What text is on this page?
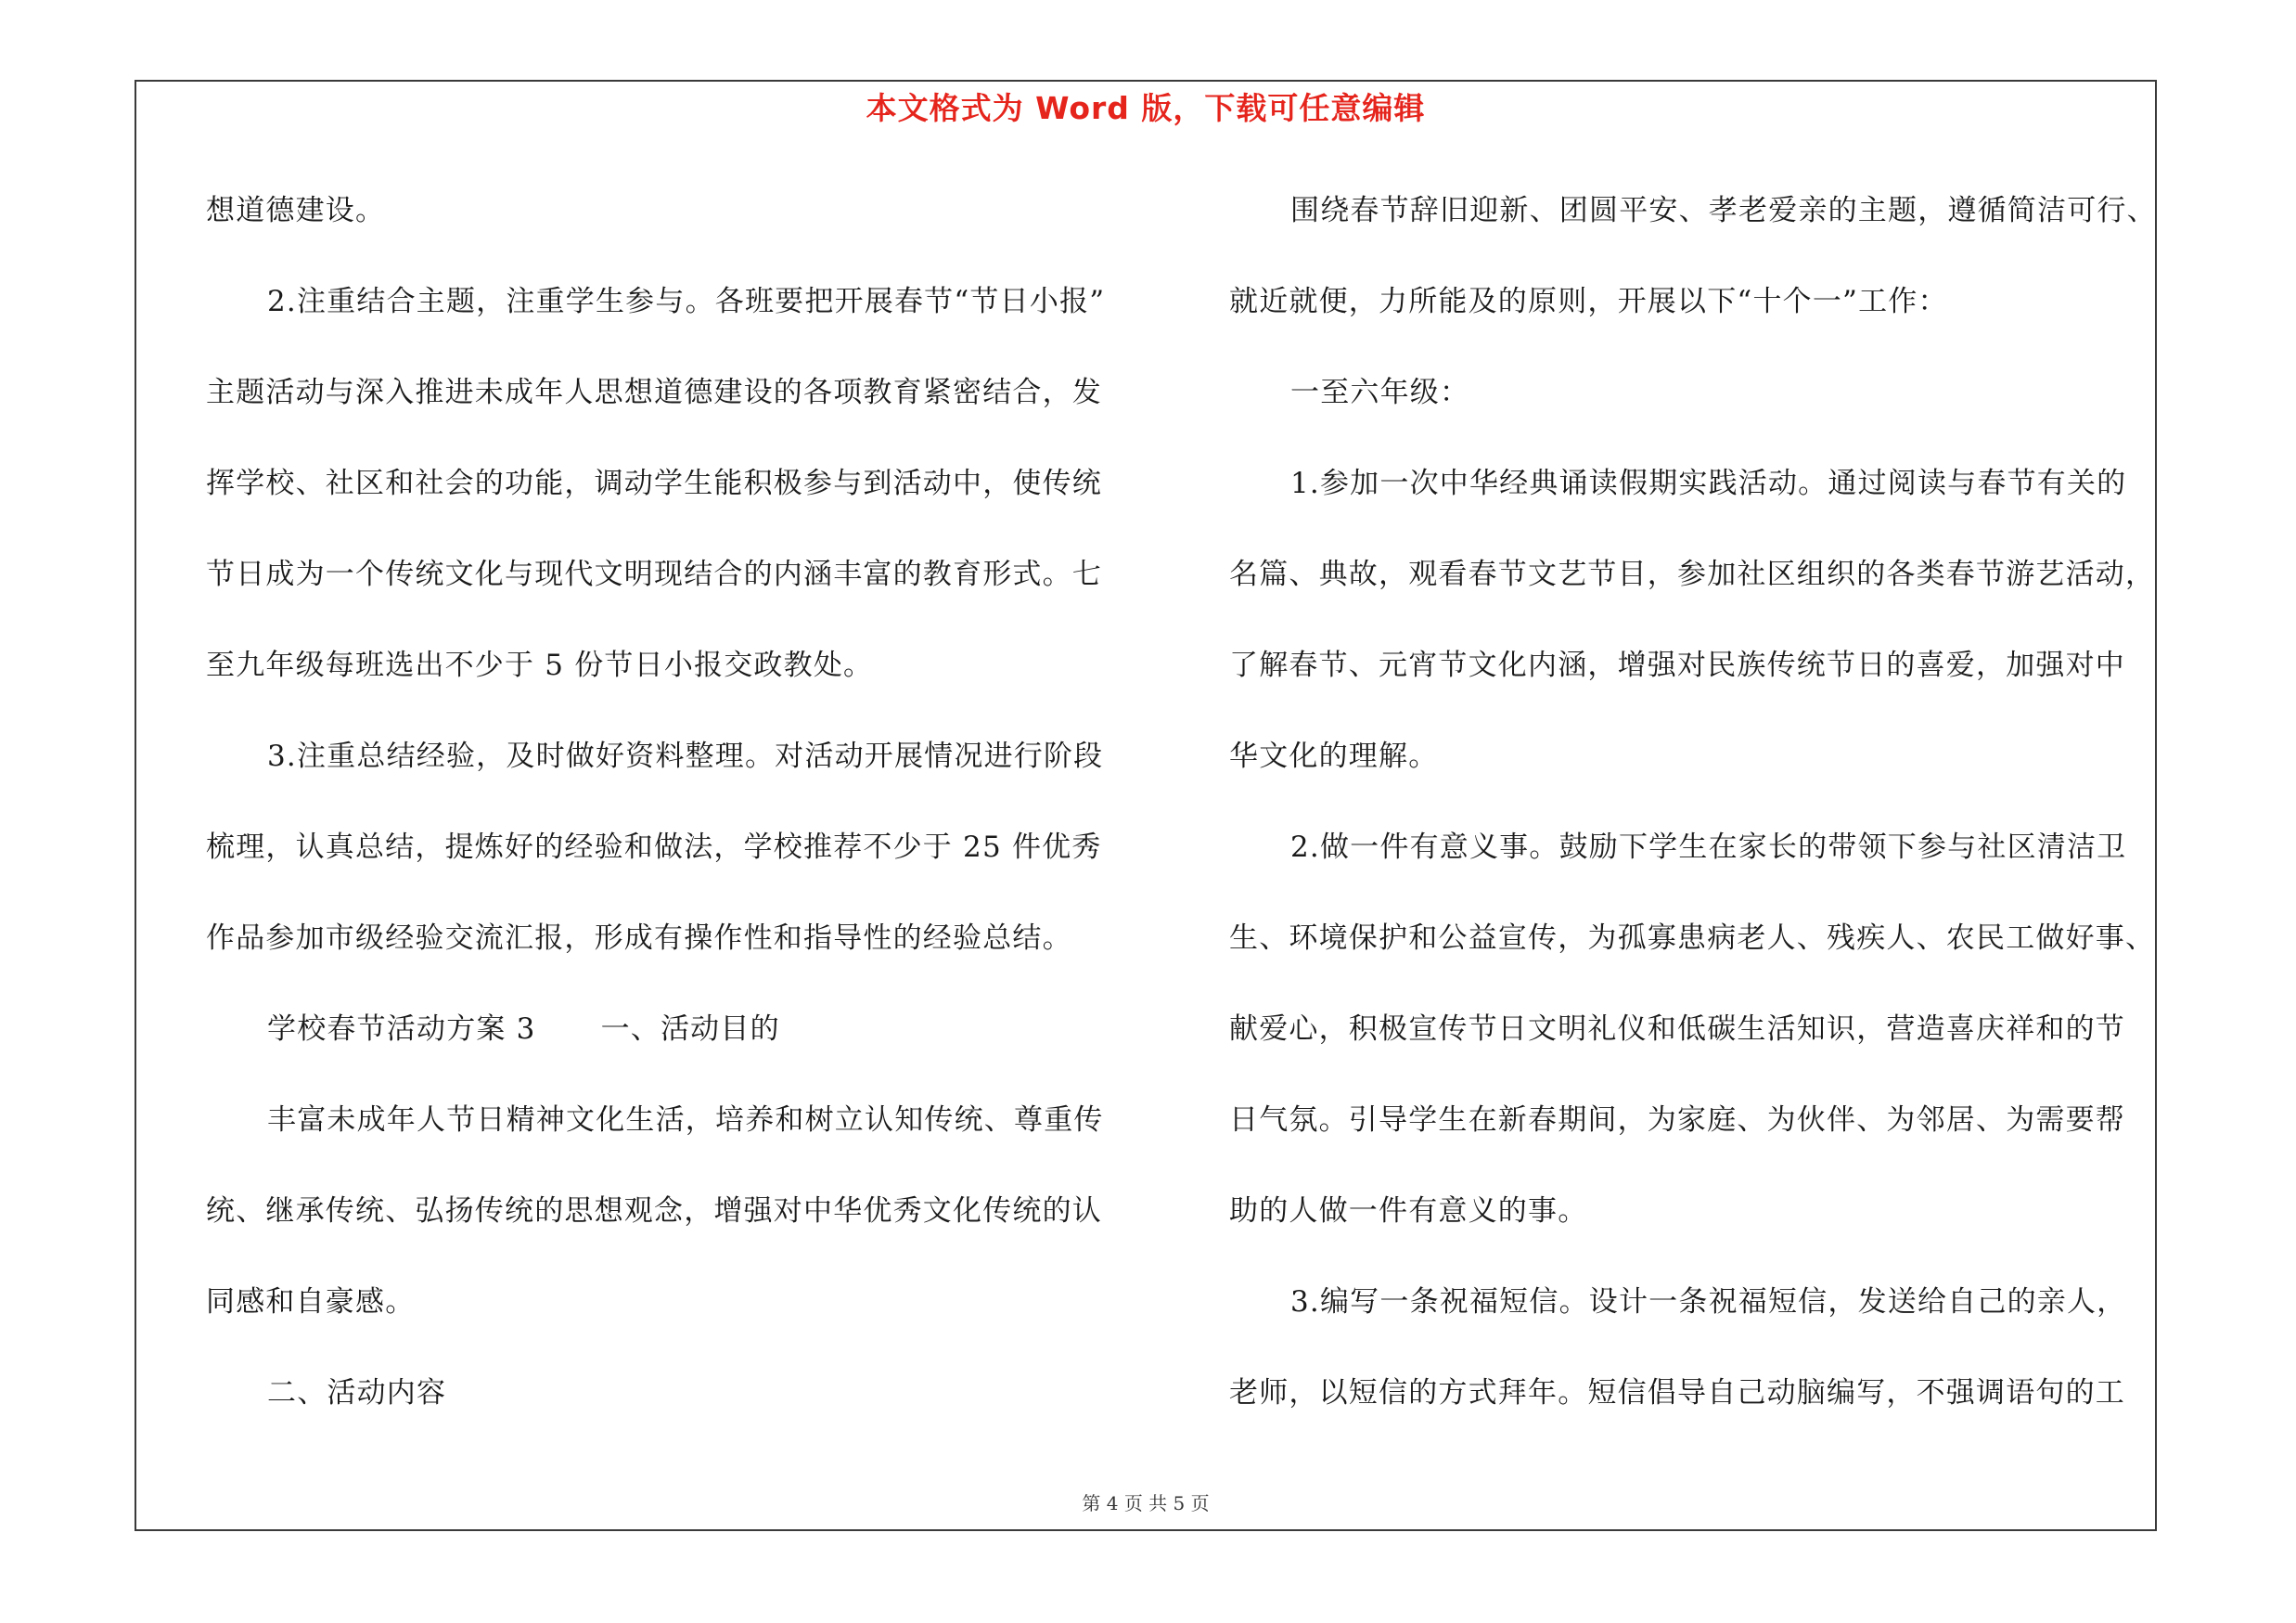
本文格式为 Word 版，下载可任意编辑
想道德建设。
2.注重结合主题，注重学生参与。各班要把开展春节“节日小报”
主题活动与深入推进未成年人思想道德建设的各项教育紧密结合，发
挥学校、社区和社会的功能，调动学生能积极参与到活动中，使传统
节日成为一个传统文化与现代文明现结合的内涵丰富的教育形式。七
至九年级每班选出不少于 5 份节日小报交政教处。
3.注重总结经验，及时做好资料整理。对活动开展情况进行阶段
梳理，认真总结，提炼好的经验和做法，学校推荐不少于 25 件优秀
作品参加市级经验交流汇报，形成有操作性和指导性的经验总结。
学校春节活动方案 3 一、活动目的
丰富未成年人节日精神文化生活，培养和树立认知传统、尊重传
统、继承传统、弘扬传统的思想观念，增强对中华优秀文化传统的认
同感和自豪感。
二、活动内容
围绕春节辞旧迎新、团圆平安、孝老爱亲的主题，遵循简洁可行、
就近就便，力所能及的原则，开展以下“十个一”工作：
一至六年级：
1.参加一次中华经典诵读假期实践活动。通过阅读与春节有关的
名篇、典故，观看春节文艺节目，参加社区组织的各类春节游艺活动，
了解春节、元宵节文化内涵，增强对民族传统节日的喜爱，加强对中
华文化的理解。
2.做一件有意义事。鼓励下学生在家长的带领下参与社区清洁卫
生、环境保护和公益宣传，为孤寡患病老人、残疾人、农民工做好事、
献爱心，积极宣传节日文明礼仪和低碳生活知识，营造喜庆祥和的节
日气氛。引导学生在新春期间，为家庭、为伙伴、为邻居、为需要帮
助的人做一件有意义的事。
3.编写一条祝福短信。设计一条祝福短信，发送给自己的亲人，
老师，以短信的方式拜年。短信倡导自己动脑编写，不强调语句的工
第 4 页 共 5 页
